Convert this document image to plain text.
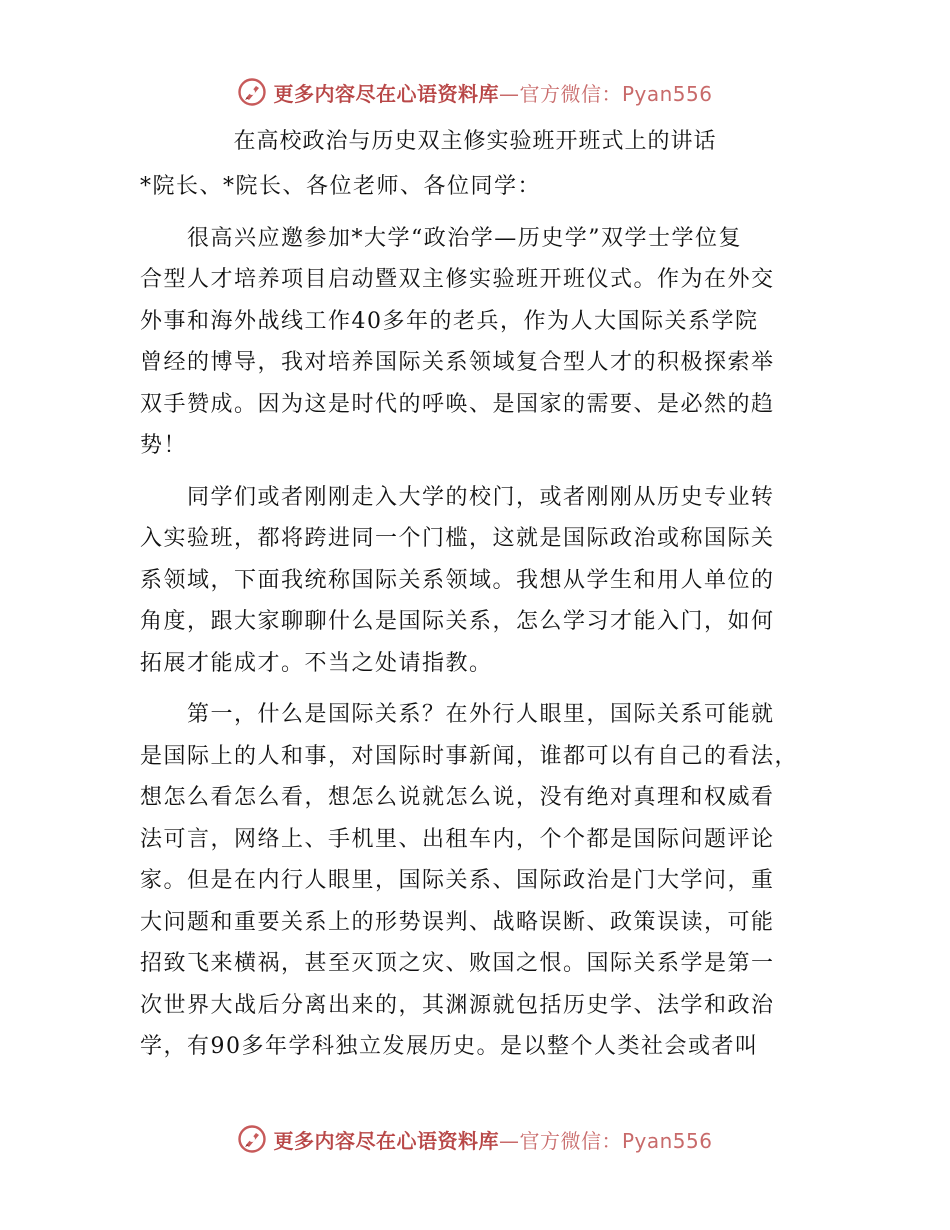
更多内容尽在心语资料库—官方微信：Pyan556
在高校政治与历史双主修实验班开班式上的讲话
*院长、*院长、各位老师、各位同学：
　　很高兴应邀参加*大学“政治学—历史学”双学士学位复
合型人才培养项目启动暨双主修实验班开班仪式。作为在外交
外事和海外战线工作40多年的老兵，作为人大国际关系学院
曾经的博导，我对培养国际关系领域复合型人才的积极探索举
双手赞成。因为这是时代的呼唤、是国家的需要、是必然的趋
势！
　　同学们或者刚刚走入大学的校门，或者刚刚从历史专业转
入实验班，都将跨进同一个门槛，这就是国际政治或称国际关
系领域，下面我统称国际关系领域。我想从学生和用人单位的
角度，跟大家聊聊什么是国际关系，怎么学习才能入门，如何
拓展才能成才。不当之处请指教。
　　第一，什么是国际关系？在外行人眼里，国际关系可能就
是国际上的人和事，对国际时事新闻，谁都可以有自己的看法，
想怎么看怎么看，想怎么说就怎么说，没有绝对真理和权威看
法可言，网络上、手机里、出租车内，个个都是国际问题评论
家。但是在内行人眼里，国际关系、国际政治是门大学问，重
大问题和重要关系上的形势误判、战略误断、政策误读，可能
招致飞来横祸，甚至灭顶之灾、败国之恨。国际关系学是第一
次世界大战后分离出来的，其渊源就包括历史学、法学和政治
学，有90多年学科独立发展历史。是以整个人类社会或者叫
更多内容尽在心语资料库—官方微信：Pyan556
